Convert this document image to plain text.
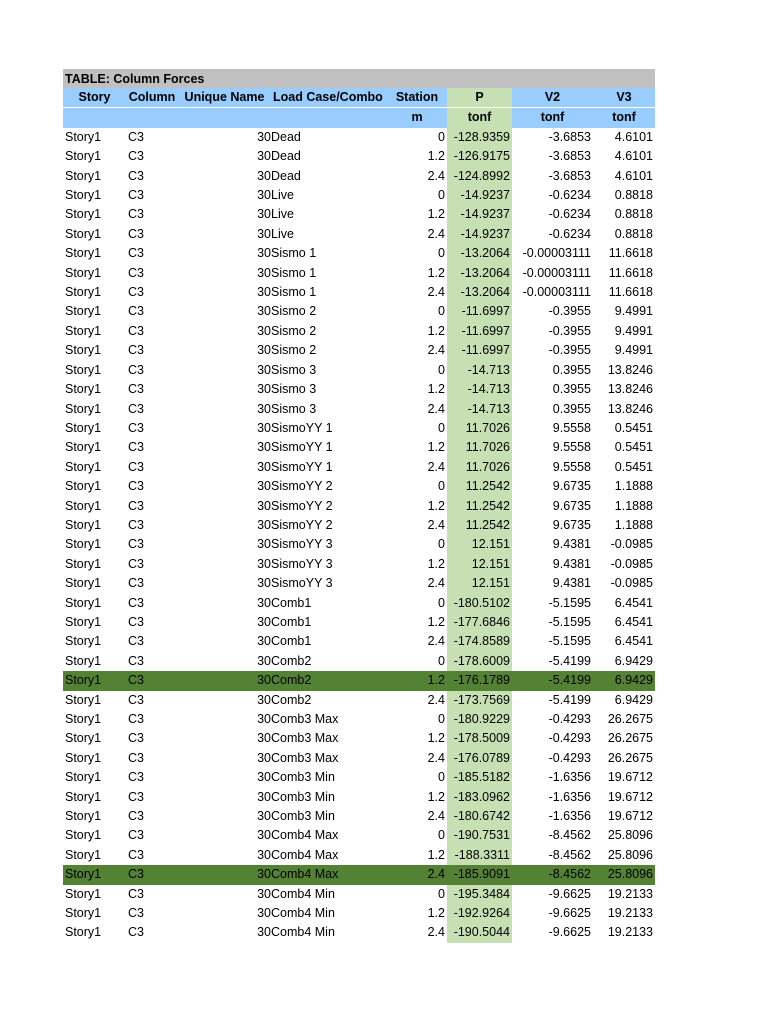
TABLE: Column Forces
Story	Column	Unique Name	Load Case/Combo	Station	P	V2	V3
				m	tonf	tonf	tonf
Story1	C3	30	Dead	0	-128.9359	-3.6853	4.6101
Story1	C3	30	Dead	1.2	-126.9175	-3.6853	4.6101
Story1	C3	30	Dead	2.4	-124.8992	-3.6853	4.6101
Story1	C3	30	Live	0	-14.9237	-0.6234	0.8818
Story1	C3	30	Live	1.2	-14.9237	-0.6234	0.8818
Story1	C3	30	Live	2.4	-14.9237	-0.6234	0.8818
Story1	C3	30	Sismo 1	0	-13.2064	-0.00003111	11.6618
Story1	C3	30	Sismo 1	1.2	-13.2064	-0.00003111	11.6618
Story1	C3	30	Sismo 1	2.4	-13.2064	-0.00003111	11.6618
Story1	C3	30	Sismo 2	0	-11.6997	-0.3955	9.4991
Story1	C3	30	Sismo 2	1.2	-11.6997	-0.3955	9.4991
Story1	C3	30	Sismo 2	2.4	-11.6997	-0.3955	9.4991
Story1	C3	30	Sismo 3	0	-14.713	0.3955	13.8246
Story1	C3	30	Sismo 3	1.2	-14.713	0.3955	13.8246
Story1	C3	30	Sismo 3	2.4	-14.713	0.3955	13.8246
Story1	C3	30	SismoYY 1	0	11.7026	9.5558	0.5451
Story1	C3	30	SismoYY 1	1.2	11.7026	9.5558	0.5451
Story1	C3	30	SismoYY 1	2.4	11.7026	9.5558	0.5451
Story1	C3	30	SismoYY 2	0	11.2542	9.6735	1.1888
Story1	C3	30	SismoYY 2	1.2	11.2542	9.6735	1.1888
Story1	C3	30	SismoYY 2	2.4	11.2542	9.6735	1.1888
Story1	C3	30	SismoYY 3	0	12.151	9.4381	-0.0985
Story1	C3	30	SismoYY 3	1.2	12.151	9.4381	-0.0985
Story1	C3	30	SismoYY 3	2.4	12.151	9.4381	-0.0985
Story1	C3	30	Comb1	0	-180.5102	-5.1595	6.4541
Story1	C3	30	Comb1	1.2	-177.6846	-5.1595	6.4541
Story1	C3	30	Comb1	2.4	-174.8589	-5.1595	6.4541
Story1	C3	30	Comb2	0	-178.6009	-5.4199	6.9429
Story1	C3	30	Comb2	1.2	-176.1789	-5.4199	6.9429
Story1	C3	30	Comb2	2.4	-173.7569	-5.4199	6.9429
Story1	C3	30	Comb3 Max	0	-180.9229	-0.4293	26.2675
Story1	C3	30	Comb3 Max	1.2	-178.5009	-0.4293	26.2675
Story1	C3	30	Comb3 Max	2.4	-176.0789	-0.4293	26.2675
Story1	C3	30	Comb3 Min	0	-185.5182	-1.6356	19.6712
Story1	C3	30	Comb3 Min	1.2	-183.0962	-1.6356	19.6712
Story1	C3	30	Comb3 Min	2.4	-180.6742	-1.6356	19.6712
Story1	C3	30	Comb4 Max	0	-190.7531	-8.4562	25.8096
Story1	C3	30	Comb4 Max	1.2	-188.3311	-8.4562	25.8096
Story1	C3	30	Comb4 Max	2.4	-185.9091	-8.4562	25.8096
Story1	C3	30	Comb4 Min	0	-195.3484	-9.6625	19.2133
Story1	C3	30	Comb4 Min	1.2	-192.9264	-9.6625	19.2133
Story1	C3	30	Comb4 Min	2.4	-190.5044	-9.6625	19.2133
